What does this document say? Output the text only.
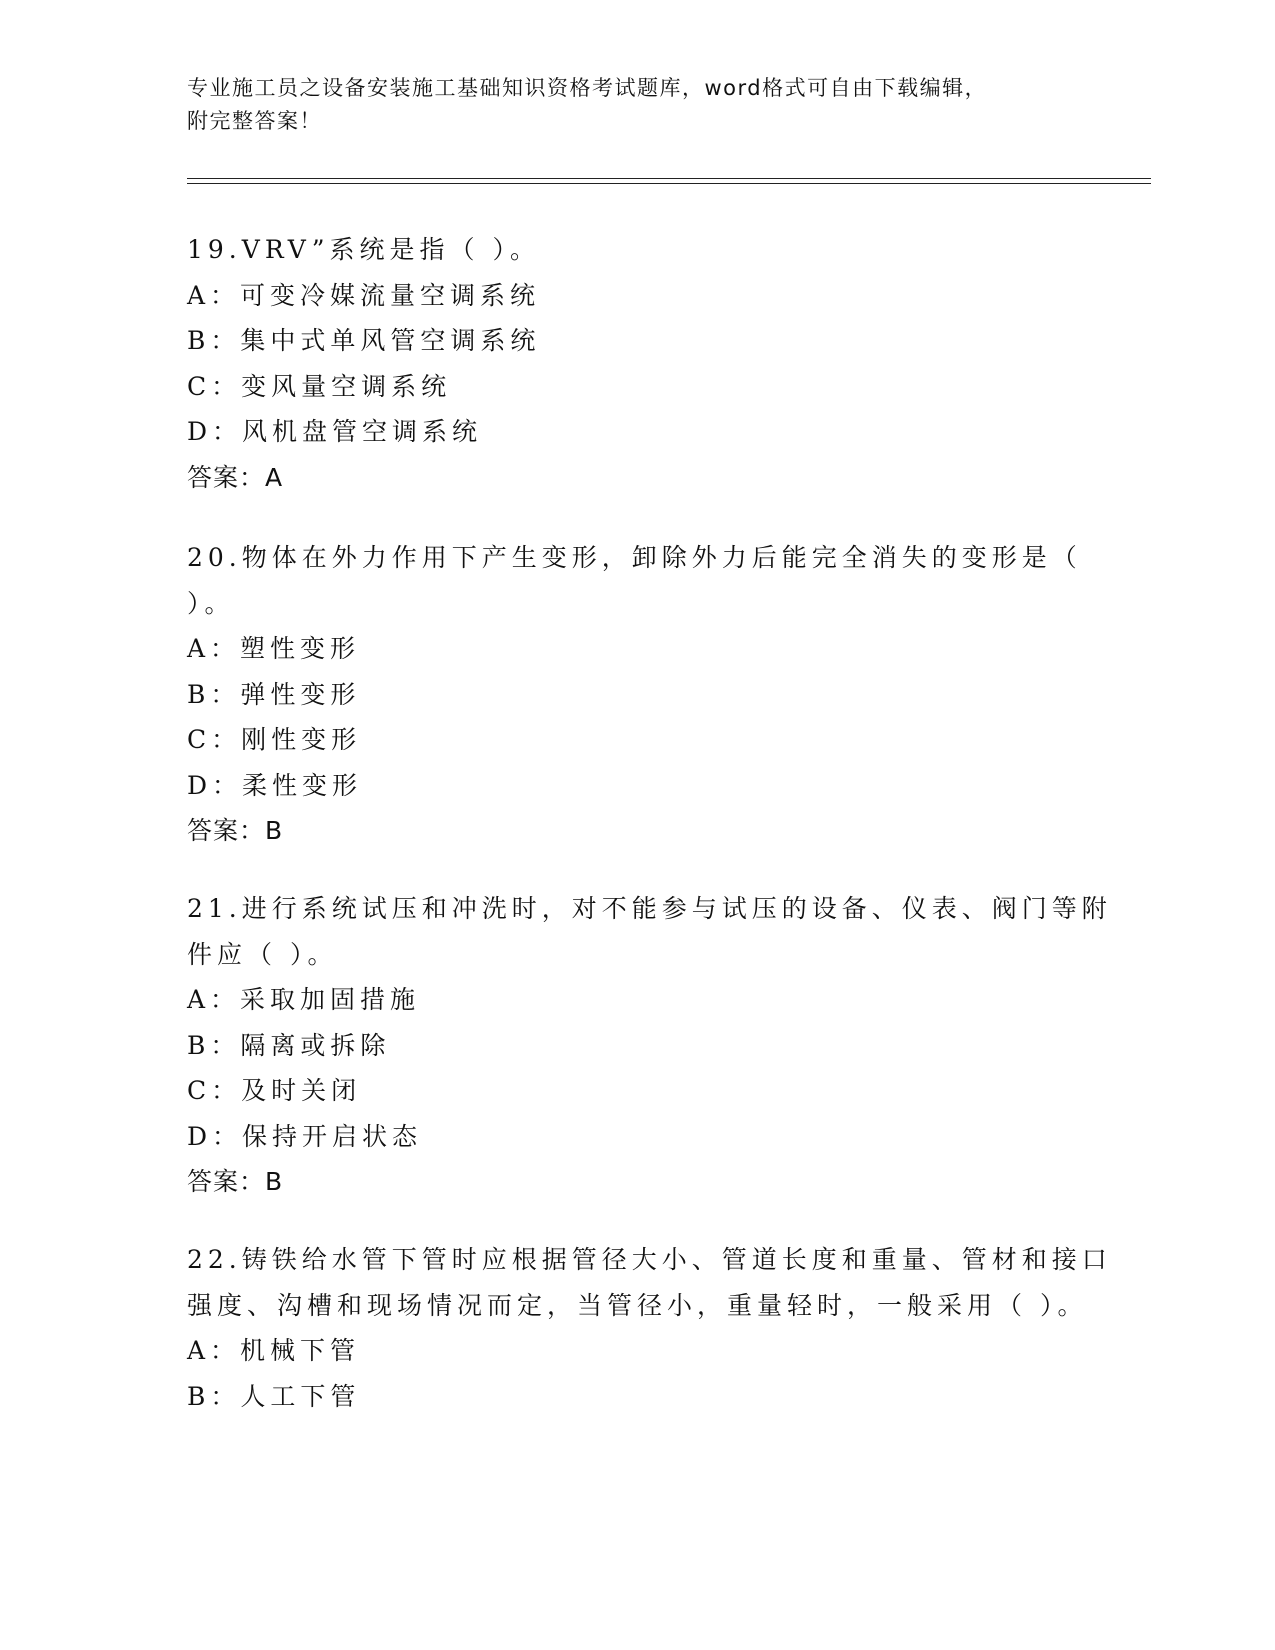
专业施工员之设备安装施工基础知识资格考试题库，word格式可自由下载编辑，
附完整答案！
19.VRV”系统是指（ ）。
A：可变冷媒流量空调系统
B：集中式单风管空调系统
C：变风量空调系统
D：风机盘管空调系统
答案：A
20.物体在外力作用下产生变形，卸除外力后能完全消失的变形是（
）。
A：塑性变形
B：弹性变形
C：刚性变形
D：柔性变形
答案：B
21.进行系统试压和冲洗时，对不能参与试压的设备、仪表、阀门等附
件应（ ）。
A：采取加固措施
B：隔离或拆除
C：及时关闭
D：保持开启状态
答案：B
22.铸铁给水管下管时应根据管径大小、管道长度和重量、管材和接口
强度、沟槽和现场情况而定，当管径小，重量轻时，一般采用（ ）。
A：机械下管
B：人工下管
